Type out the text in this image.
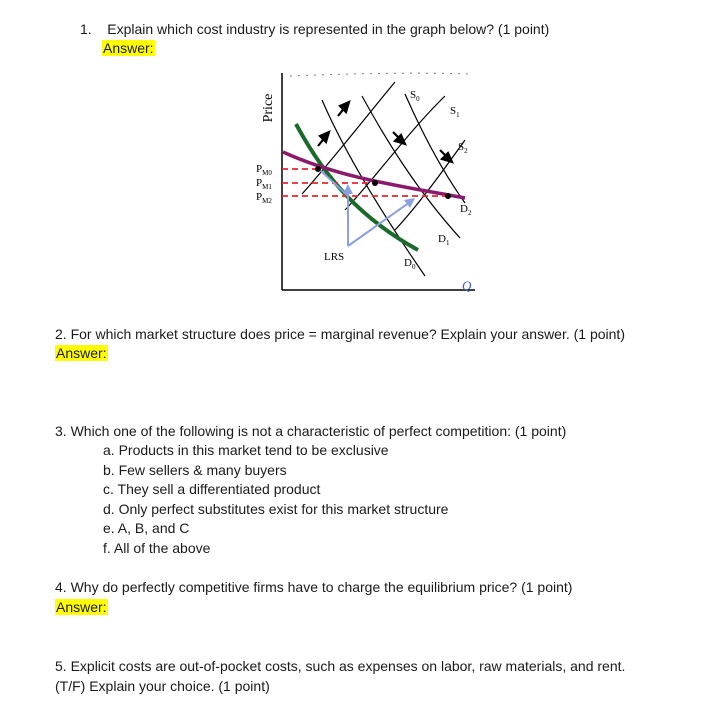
1. Explain which cost industry is represented in the graph below? (1 point)
Answer:
Price
Q
$P_{M0}$
$P_{M1}$
$P_{M2}$
$S_0$
$S_1$
$S_2$
$D_0$
$D_1$
$D_2$
LRS
2. For which market structure does price = marginal revenue? Explain your answer. (1 point)
Answer:
3. Which one of the following is not a characteristic of perfect competition: (1 point)
a. Products in this market tend to be exclusive
b. Few sellers & many buyers
c. They sell a differentiated product
d. Only perfect substitutes exist for this market structure
e. A, B, and C
f. All of the above
4. Why do perfectly competitive firms have to charge the equilibrium price? (1 point)
Answer:
5. Explicit costs are out-of-pocket costs, such as expenses on labor, raw materials, and rent.
(T/F) Explain your choice. (1 point)
